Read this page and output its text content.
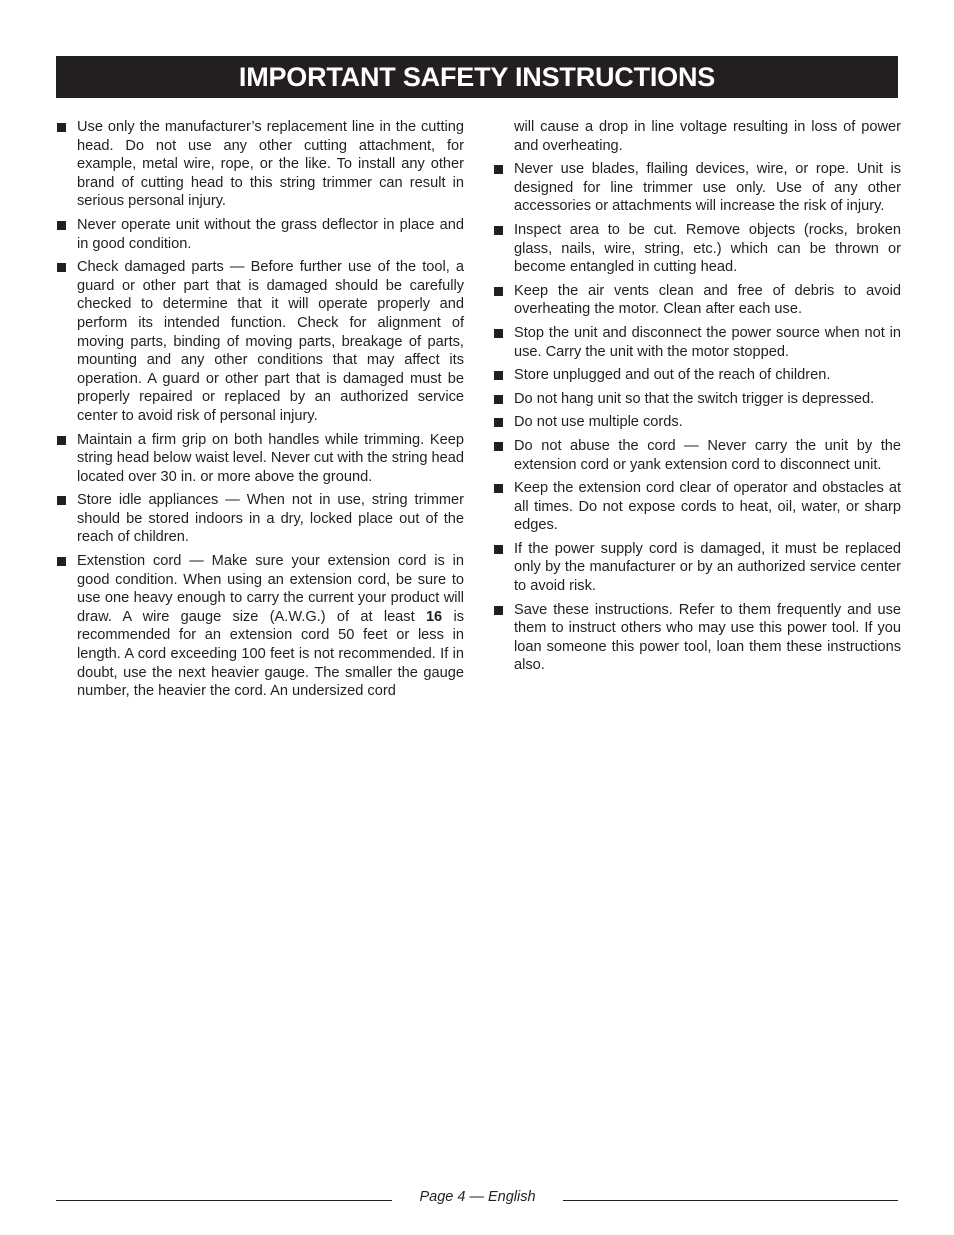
IMPORTANT SAFETY INSTRUCTIONS
Use only the manufacturer’s replacement line in the cutting head. Do not use any other cutting attachment, for example, metal wire, rope, or the like. To install any other brand of cutting head to this string trimmer can result in serious personal injury.
Never operate unit without the grass deflector in place and in good condition.
Check damaged parts — Before further use of the tool, a guard or other part that is damaged should be carefully checked to determine that it will operate properly and perform its intended function. Check for alignment of moving parts, binding of moving parts, breakage of parts, mounting and any other conditions that may affect its operation. A guard or other part that is damaged must be properly repaired or replaced by an authorized service center to avoid risk of personal injury.
Maintain a firm grip on both handles while trimming. Keep string head below waist level. Never cut with the string head located over 30 in. or more above the ground.
Store idle appliances — When not in use, string trimmer should be stored indoors in a dry, locked place out of the reach of children.
Extenstion cord — Make sure your extension cord is in good condition. When using an extension cord, be sure to use one heavy enough to carry the current your product will draw. A wire gauge size (A.W.G.) of at least 16 is recommended for an extension cord 50 feet or less in length. A cord exceeding 100 feet is not recommended. If in doubt, use the next heavier gauge. The smaller the gauge number, the heavier the cord. An undersized cord
will cause a drop in line voltage resulting in loss of power and overheating.
Never use blades, flailing devices, wire, or rope. Unit is designed for line trimmer use only. Use of any other accessories or attachments will increase the risk of injury.
Inspect area to be cut. Remove objects (rocks, broken glass, nails, wire, string, etc.) which can be thrown or become entangled in cutting head.
Keep the air vents clean and free of debris to avoid overheating the motor. Clean after each use.
Stop the unit and disconnect the power source when not in use. Carry the unit with the motor stopped.
Store unplugged and out of the reach of children.
Do not hang unit so that the switch trigger is depressed.
Do not use multiple cords.
Do not abuse the cord — Never carry the unit by the extension cord or yank extension cord to disconnect unit.
Keep the extension cord clear of operator and obstacles at all times. Do not expose cords to heat, oil, water, or sharp edges.
If the power supply cord is damaged, it must be replaced only by the manufacturer or by an authorized service center to avoid risk.
Save these instructions. Refer to them frequently and use them to instruct others who may use this power tool. If you loan someone this power tool, loan them these instructions also.
Page 4 — English
